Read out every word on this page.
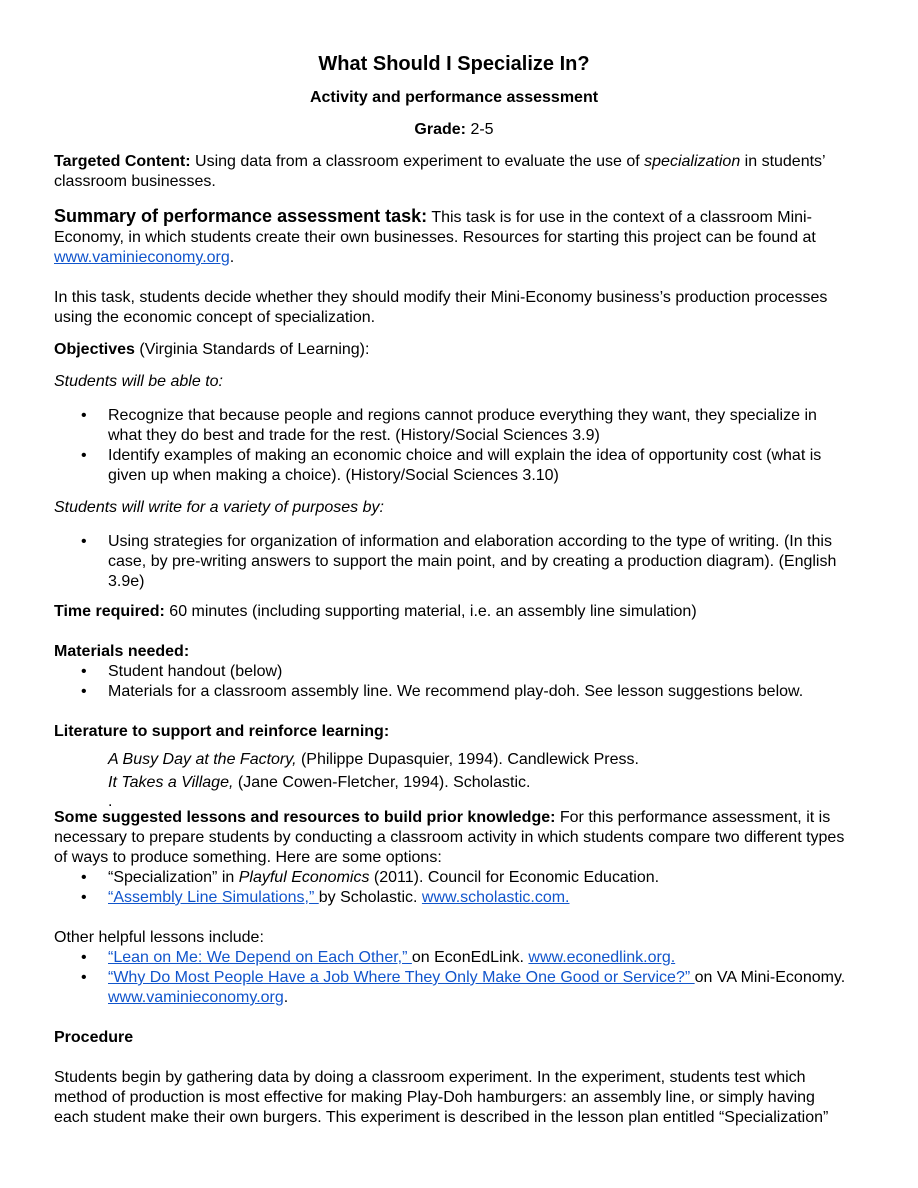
What Should I Specialize In?
Activity and performance assessment
Grade: 2-5

Targeted Content: Using data from a classroom experiment to evaluate the use of specialization in students’ classroom businesses.

Summary of performance assessment task: This task is for use in the context of a classroom Mini-Economy, in which students create their own businesses. Resources for starting this project can be found at www.vaminieconomy.org.

In this task, students decide whether they should modify their Mini-Economy business’s production processes using the economic concept of specialization.

Objectives (Virginia Standards of Learning):

Students will be able to:

• Recognize that because people and regions cannot produce everything they want, they specialize in what they do best and trade for the rest. (History/Social Sciences 3.9)
• Identify examples of making an economic choice and will explain the idea of opportunity cost (what is given up when making a choice). (History/Social Sciences 3.10)

Students will write for a variety of purposes by:

• Using strategies for organization of information and elaboration according to the type of writing. (In this case, by pre-writing answers to support the main point, and by creating a production diagram). (English 3.9e)

Time required: 60 minutes (including supporting material, i.e. an assembly line simulation)

Materials needed:

• Student handout (below)
• Materials for a classroom assembly line. We recommend play-doh. See lesson suggestions below.

Literature to support and reinforce learning:

A Busy Day at the Factory, (Philippe Dupasquier, 1994). Candlewick Press.
It Takes a Village, (Jane Cowen-Fletcher, 1994). Scholastic.
.

Some suggested lessons and resources to build prior knowledge: For this performance assessment, it is necessary to prepare students by conducting a classroom activity in which students compare two different types of ways to produce something. Here are some options:

• “Specialization” in Playful Economics (2011). Council for Economic Education.
• “Assembly Line Simulations,” by Scholastic. www.scholastic.com.

Other helpful lessons include:

• “Lean on Me: We Depend on Each Other,” on EconEdLink. www.econedlink.org.
• “Why Do Most People Have a Job Where They Only Make One Good or Service?” on VA Mini-Economy. www.vaminieconomy.org.

Procedure

Students begin by gathering data by doing a classroom experiment. In the experiment, students test which method of production is most effective for making Play-Doh hamburgers: an assembly line, or simply having each student make their own burgers. This experiment is described in the lesson plan entitled “Specialization”
